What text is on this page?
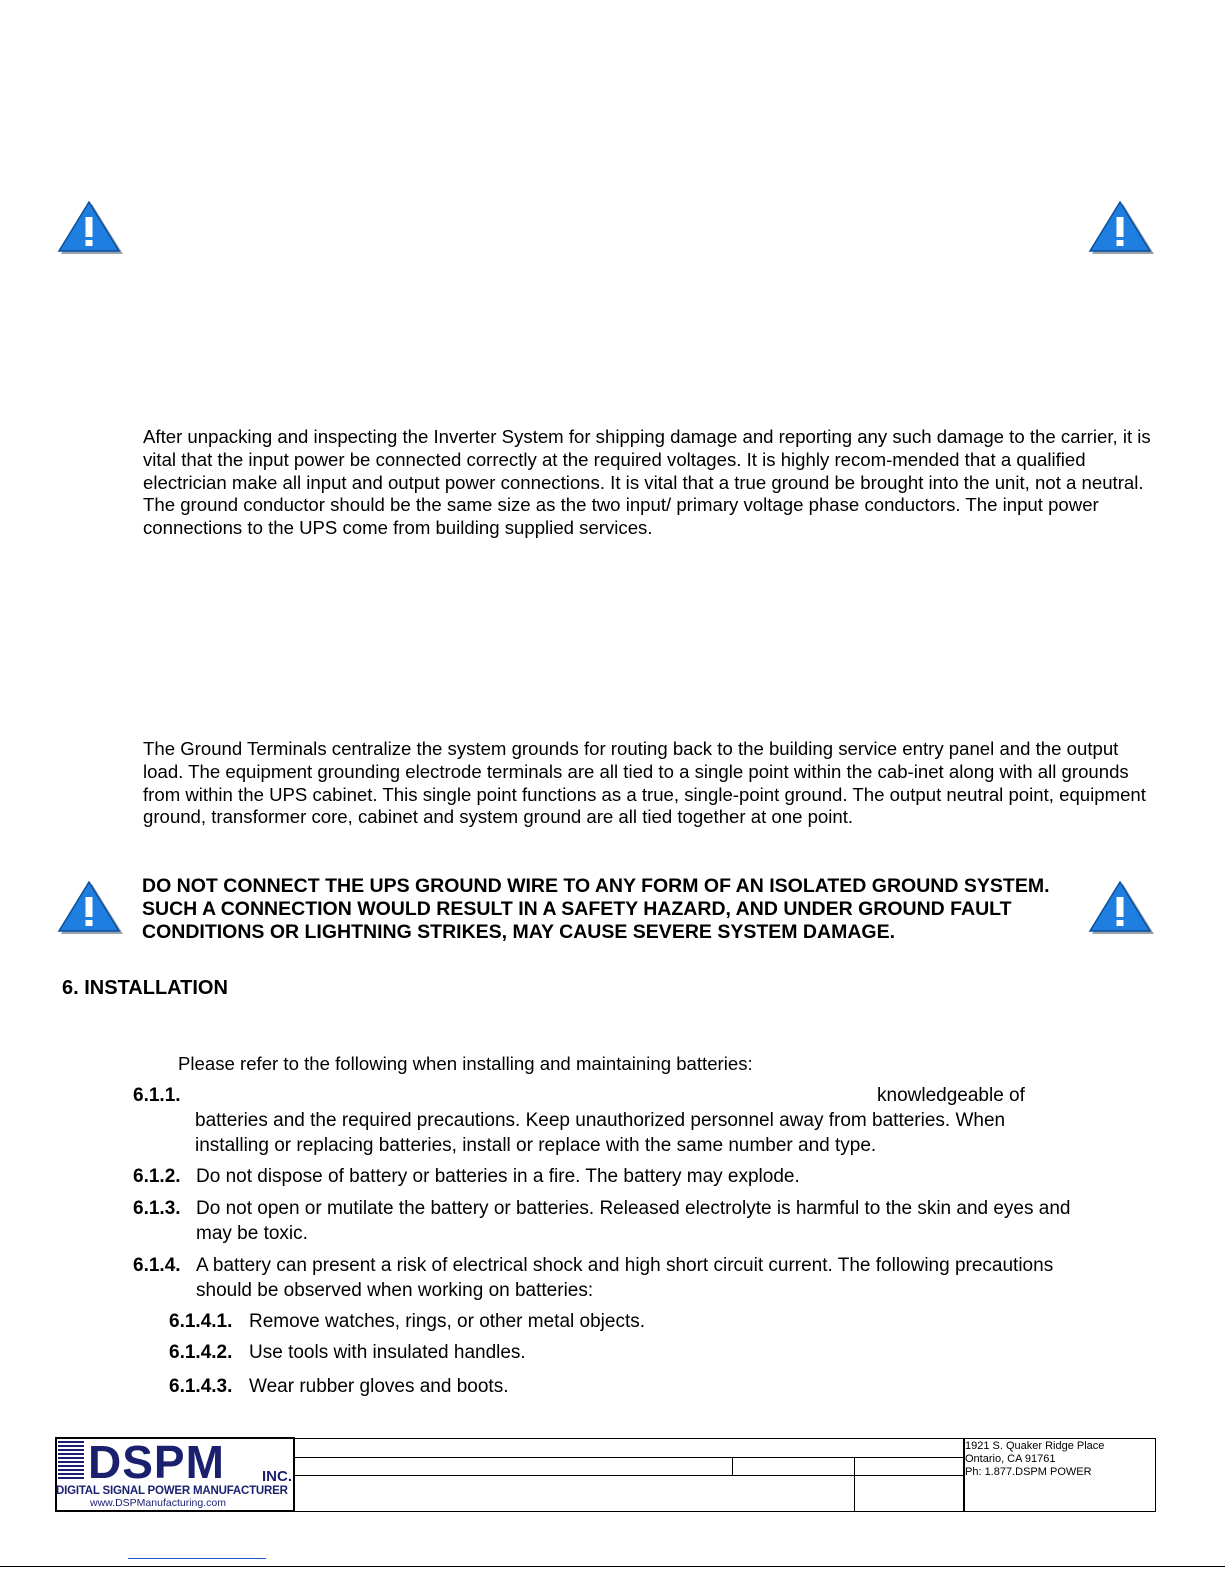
After unpacking and inspecting the Inverter System for shipping damage and reporting any such damage to the carrier, it is vital that the input power be connected correctly at the required voltages. It is highly recom-mended that a qualified electrician make all input and output power connections. It is vital that a true ground be brought into the unit, not a neutral. The ground conductor should be the same size as the two input/ primary voltage phase conductors. The input power connections to the UPS come from building supplied services.

The Ground Terminals centralize the system grounds for routing back to the building service entry panel and the output load. The equipment grounding electrode terminals are all tied to a single point within the cab-inet along with all grounds from within the UPS cabinet. This single point functions as a true, single-point ground. The output neutral point, equipment ground, transformer core, cabinet and system ground are all tied together at one point.

DO NOT CONNECT THE UPS GROUND WIRE TO ANY FORM OF AN ISOLATED GROUND SYSTEM. SUCH A CONNECTION WOULD RESULT IN A SAFETY HAZARD, AND UNDER GROUND FAULT CONDITIONS OR LIGHTNING STRIKES, MAY CAUSE SEVERE SYSTEM DAMAGE.

6. INSTALLATION

Please refer to the following when installing and maintaining batteries:

6.1.1.	knowledgeable of batteries and the required precautions. Keep unauthorized personnel away from batteries. When installing or replacing batteries, install or replace with the same number and type.
6.1.2. Do not dispose of battery or batteries in a fire. The battery may explode.
6.1.3. Do not open or mutilate the battery or batteries. Released electrolyte is harmful to the skin and eyes and may be toxic.
6.1.4. A battery can present a risk of electrical shock and high short circuit current. The following precautions should be observed when working on batteries:
6.1.4.1. Remove watches, rings, or other metal objects.
6.1.4.2. Use tools with insulated handles.
6.1.4.3. Wear rubber gloves and boots.
DSPM INC.
DIGITAL SIGNAL POWER MANUFACTURER
www.DSPManufacturing.com
1921 S. Quaker Ridge Place
Ontario, CA 91761
Ph: 1.877.DSPM POWER
